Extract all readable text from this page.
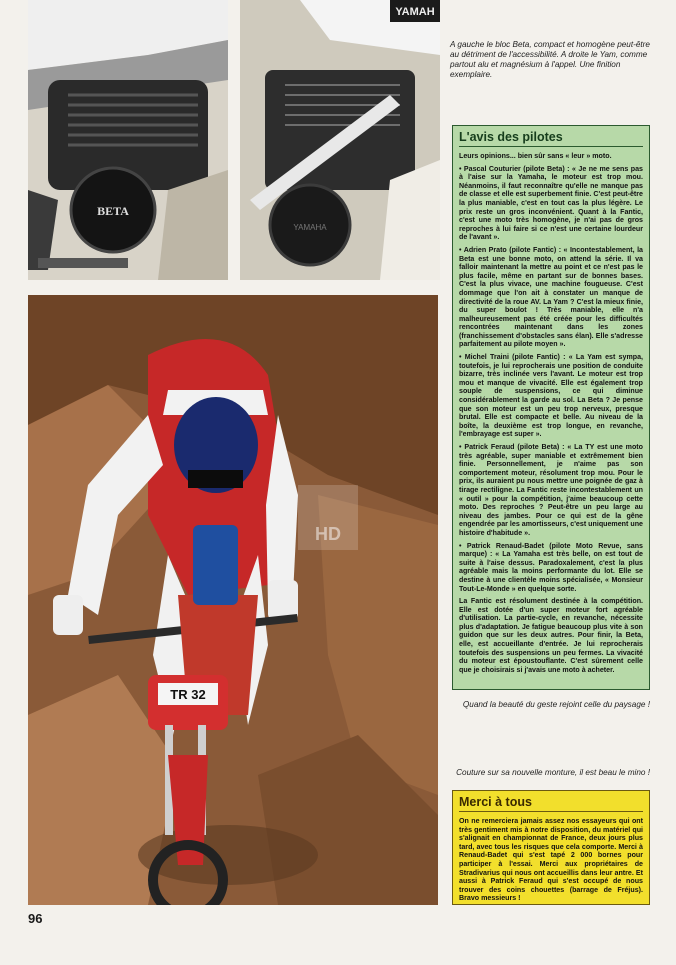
BETA
YAMAH
YAMAHA
TR 32
HD
A gauche le bloc Beta, compact et homogène peut-être au détriment de l'accessibilité. A droite le Yam, comme partout alu et magnésium à l'appel. Une finition exemplaire.
L'avis des pilotes

Leurs opinions... bien sûr sans « leur » moto.

• Pascal Couturier (pilote Beta) : « Je ne me sens pas à l'aise sur la Yamaha, le moteur est trop mou. Néanmoins, il faut reconnaître qu'elle ne manque pas de classe et elle est superbement finie. C'est peut-être la plus maniable, c'est en tout cas la plus légère. Le prix reste un gros inconvénient. Quant à la Fantic, c'est une moto très homogène, je n'ai pas de gros reproches à lui faire si ce n'est une certaine lourdeur de l'avant ».

• Adrien Prato (pilote Fantic) : « Incontestablement, la Beta est une bonne moto, on attend la série. Il va falloir maintenant la mettre au point et ce n'est pas le plus facile, même en partant sur de bonnes bases. C'est la plus vivace, une machine fougueuse. C'est dommage que l'on ait à constater un manque de directivité de la roue AV. La Yam ? C'est la mieux finie, du super boulot ! Très maniable, elle n'a malheureusement pas été créée pour les difficultés rencontrées maintenant dans les zones (franchissement d'obstacles sans élan). Elle s'adresse parfaitement au pilote moyen ».

• Michel Traini (pilote Fantic) : « La Yam est sympa, toutefois, je lui reprocherais une position de conduite bizarre, très inclinée vers l'avant. Le moteur est trop mou et manque de vivacité. Elle est également trop souple de suspensions, ce qui diminue considérablement la garde au sol. La Beta ? Je pense que son moteur est un peu trop nerveux, presque brutal. Elle est compacte et belle. Au niveau de la boîte, la deuxième est trop longue, en revanche, l'embrayage est super ».

• Patrick Feraud (pilote Beta) : « La TY est une moto très agréable, super maniable et extrêmement bien finie. Personnellement, je n'aime pas son comportement moteur, résolument trop mou. Pour le prix, ils auraient pu nous mettre une poignée de gaz à tirage rectiligne. La Fantic reste incontestablement un « outil » pour la compétition, j'aime beaucoup cette moto. Des reproches ? Peut-être un peu large au niveau des jambes. Pour ce qui est de la gêne engendrée par les amortisseurs, c'est uniquement une histoire d'habitude ».

• Patrick Renaud-Badet (pilote Moto Revue, sans marque) : « La Yamaha est très belle, on est tout de suite à l'aise dessus. Paradoxalement, c'est la plus agréable mais la moins performante du lot. Elle se destine à une clientèle moins spécialisée, « Monsieur Tout-Le-Monde » en quelque sorte.

La Fantic est résolument destinée à la compétition. Elle est dotée d'un super moteur fort agréable d'utilisation. La partie-cycle, en revanche, nécessite plus d'adaptation. Je fatigue beaucoup plus vite à son guidon que sur les deux autres. Pour finir, la Beta, elle, est accueillante d'entrée. Je lui reprocherais toutefois des suspensions un peu fermes. La vivacité du moteur est époustouflante. C'est sûrement celle que je choisirais si j'avais une moto à acheter.

Quand la beauté du geste rejoint celle du paysage !
Couture sur sa nouvelle monture, il est beau le mino !
Merci à tous

On ne remerciera jamais assez nos essayeurs qui ont très gentiment mis à notre disposition, du matériel qui s'alignait en championnat de France, deux jours plus tard, avec tous les risques que cela comporte. Merci à Renaud-Badet qui s'est tapé 2 000 bornes pour participer à l'essai. Merci aux propriétaires de Stradivarius qui nous ont accueillis dans leur antre. Et aussi à Patrick Feraud qui s'est occupé de nous trouver des coins chouettes (barrage de Fréjus). Bravo messieurs !

96
